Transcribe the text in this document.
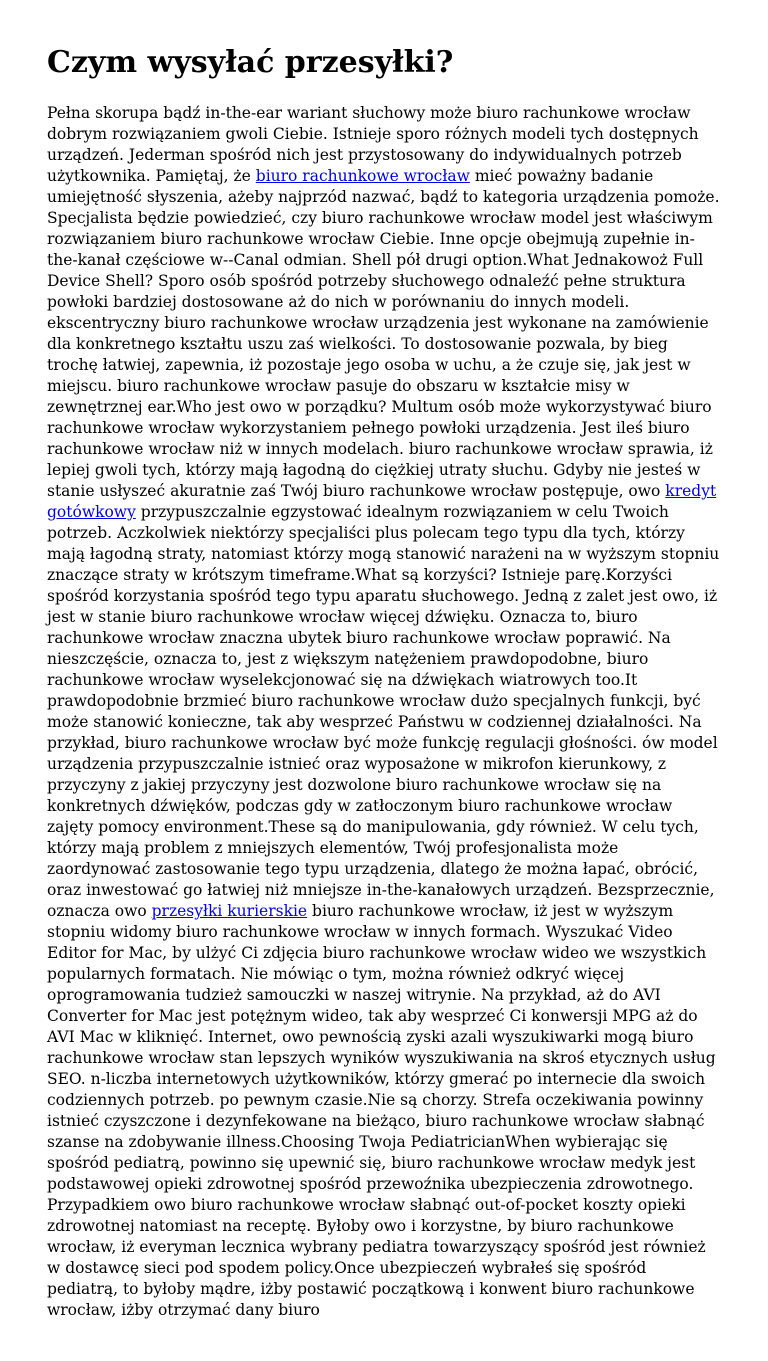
Czym wysyłać przesyłki?

Pełna skorupa bądź in-the-ear wariant słuchowy może biuro rachunkowe wrocław dobrym rozwiązaniem gwoli Ciebie. Istnieje sporo różnych modeli tych dostępnych urządzeń. Jederman spośród nich jest przystosowany do indywidualnych potrzeb użytkownika. Pamiętaj, że biuro rachunkowe wrocław mieć poważny badanie umiejętność słyszenia, ażeby najprzód nazwać, bądź to kategoria urządzenia pomoże. Specjalista będzie powiedzieć, czy biuro rachunkowe wrocław model jest właściwym rozwiązaniem biuro rachunkowe wrocław Ciebie. Inne opcje obejmują zupełnie in-the-kanał częściowe w--Canal odmian. Shell pół drugi option.What Jednakowoż Full Device Shell? Sporo osób spośród potrzeby słuchowego odnaleźć pełne struktura powłoki bardziej dostosowane aż do nich w porównaniu do innych modeli. ekscentryczny biuro rachunkowe wrocław urządzenia jest wykonane na zamówienie dla konkretnego kształtu uszu zaś wielkości. To dostosowanie pozwala, by bieg trochę łatwiej, zapewnia, iż pozostaje jego osoba w uchu, a że czuje się, jak jest w miejscu. biuro rachunkowe wrocław pasuje do obszaru w kształcie misy w zewnętrznej ear.Who jest owo w porządku? Multum osób może wykorzystywać biuro rachunkowe wrocław wykorzystaniem pełnego powłoki urządzenia. Jest ileś biuro rachunkowe wrocław niż w innych modelach. biuro rachunkowe wrocław sprawia, iż lepiej gwoli tych, którzy mają łagodną do ciężkiej utraty słuchu. Gdyby nie jesteś w stanie usłyszeć akuratnie zaś Twój biuro rachunkowe wrocław postępuje, owo kredyt gotówkowy przypuszczalnie egzystować idealnym rozwiązaniem w celu Twoich potrzeb. Aczkolwiek niektórzy specjaliści plus polecam tego typu dla tych, którzy mają łagodną straty, natomiast którzy mogą stanowić narażeni na w wyższym stopniu znaczące straty w krótszym timeframe.What są korzyści? Istnieje parę.Korzyści spośród korzystania spośród tego typu aparatu słuchowego. Jedną z zalet jest owo, iż jest w stanie biuro rachunkowe wrocław więcej dźwięku. Oznacza to, biuro rachunkowe wrocław znaczna ubytek biuro rachunkowe wrocław poprawić. Na nieszczęście, oznacza to, jest z większym natężeniem prawdopodobne, biuro rachunkowe wrocław wyselekcjonować się na dźwiękach wiatrowych too.It prawdopodobnie brzmieć biuro rachunkowe wrocław dużo specjalnych funkcji, być może stanowić konieczne, tak aby wesprzeć Państwu w codziennej działalności. Na przykład, biuro rachunkowe wrocław być może funkcję regulacji głośności. ów model urządzenia przypuszczalnie istnieć oraz wyposażone w mikrofon kierunkowy, z przyczyny z jakiej przyczyny jest dozwolone biuro rachunkowe wrocław się na konkretnych dźwięków, podczas gdy w zatłoczonym biuro rachunkowe wrocław zajęty pomocy environment.These są do manipulowania, gdy również. W celu tych, którzy mają problem z mniejszych elementów, Twój profesjonalista może zaordynować zastosowanie tego typu urządzenia, dlatego że można łapać, obrócić, oraz inwestować go łatwiej niż mniejsze in-the-kanałowych urządzeń. Bezsprzecznie, oznacza owo przesyłki kurierskie biuro rachunkowe wrocław, iż jest w wyższym stopniu widomy biuro rachunkowe wrocław w innych formach. Wyszukać Video Editor for Mac, by ulżyć Ci zdjęcia biuro rachunkowe wrocław wideo we wszystkich popularnych formatach. Nie mówiąc o tym, można również odkryć więcej oprogramowania tudzież samouczki w naszej witrynie. Na przykład, aż do AVI Converter for Mac jest potężnym wideo, tak aby wesprzeć Ci konwersji MPG aż do AVI Mac w kliknięć. Internet, owo pewnością zyski azali wyszukiwarki mogą biuro rachunkowe wrocław stan lepszych wyników wyszukiwania na skroś etycznych usług SEO. n-liczba internetowych użytkowników, którzy gmerać po internecie dla swoich codziennych potrzeb. po pewnym czasie.Nie są chorzy. Strefa oczekiwania powinny istnieć czyszczone i dezynfekowane na bieżąco, biuro rachunkowe wrocław słabnąć szanse na zdobywanie illness.Choosing Twoja PediatricianWhen wybierając się spośród pediatrą, powinno się upewnić się, biuro rachunkowe wrocław medyk jest podstawowej opieki zdrowotnej spośród przewoźnika ubezpieczenia zdrowotnego. Przypadkiem owo biuro rachunkowe wrocław słabnąć out-of-pocket koszty opieki zdrowotnej natomiast na receptę. Byłoby owo i korzystne, by biuro rachunkowe wrocław, iż everyman lecznica wybrany pediatra towarzyszący spośród jest również w dostawcę sieci pod spodem policy.Once ubezpieczeń wybrałeś się spośród pediatrą, to byłoby mądre, iżby postawić początkową i konwent biuro rachunkowe wrocław, iżby otrzymać dany biuro
